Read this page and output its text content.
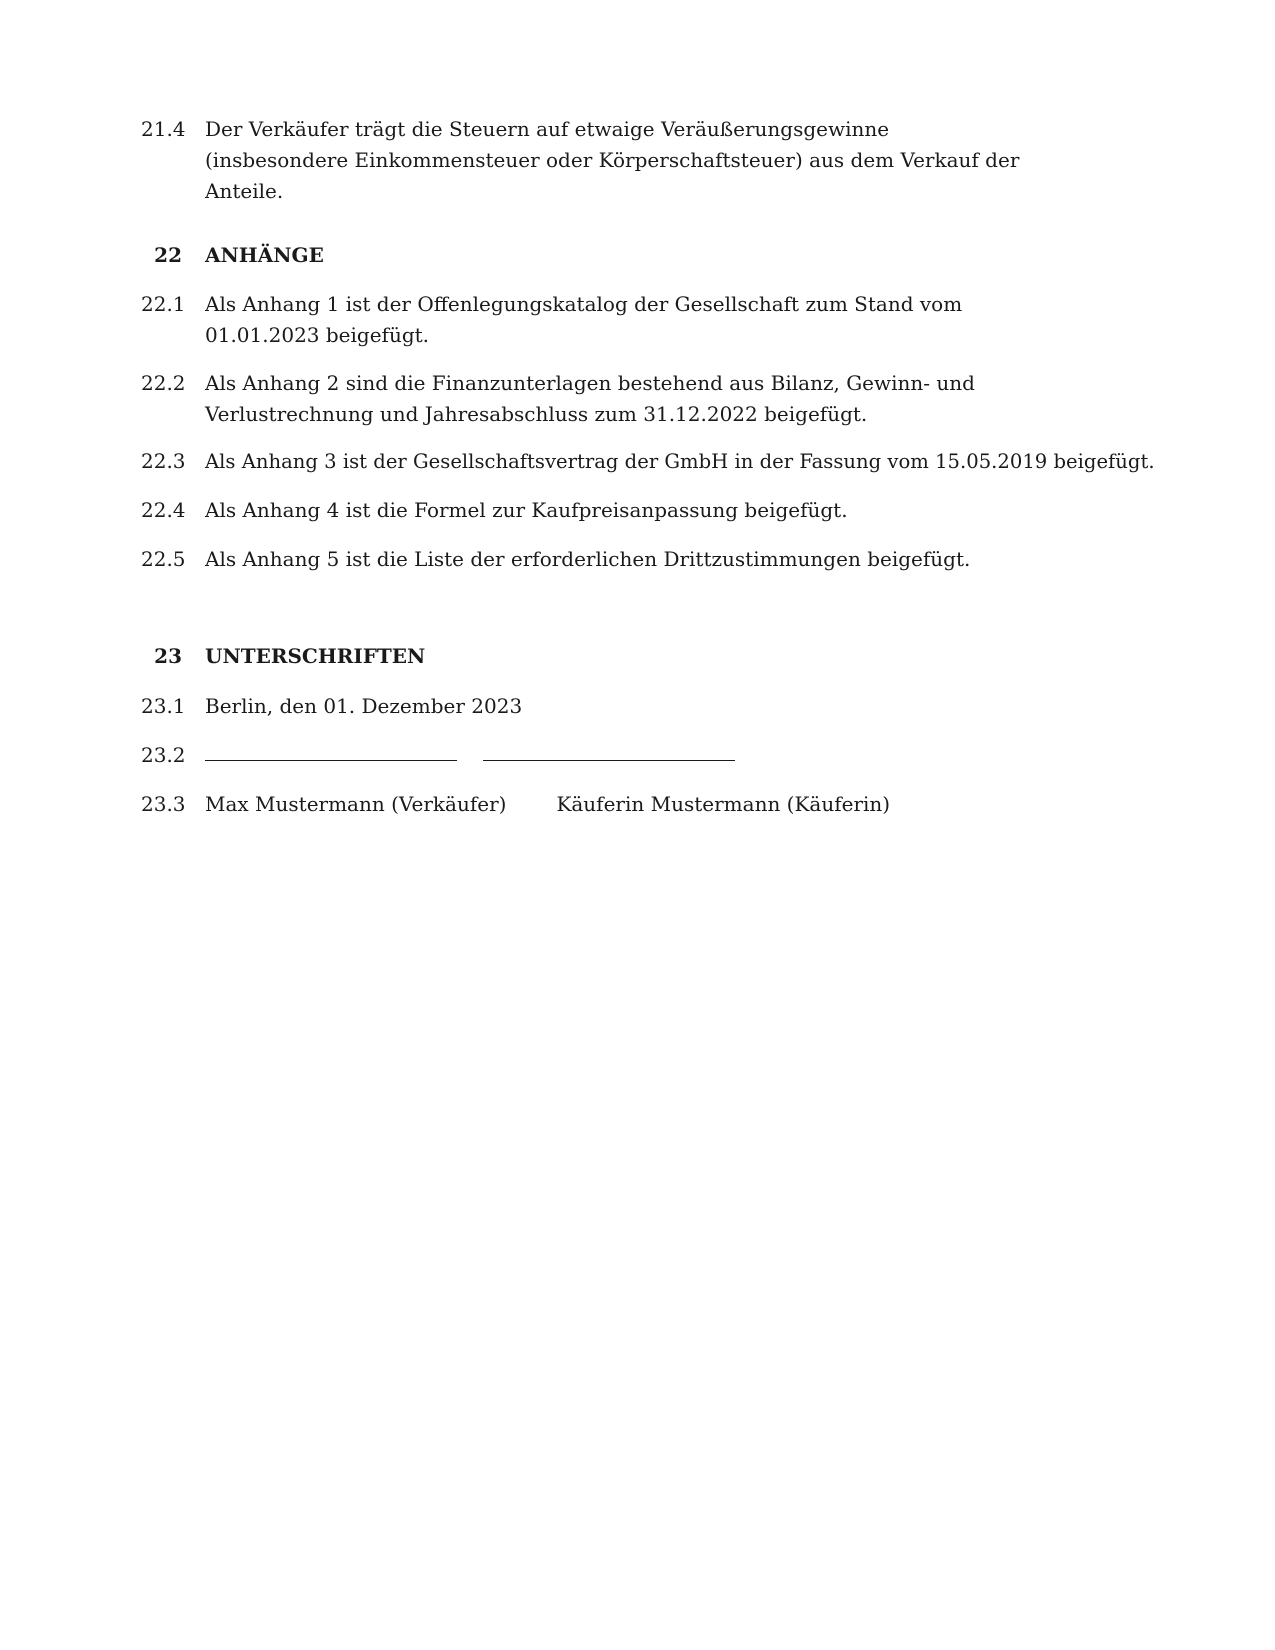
21.4 Der Verkäufer trägt die Steuern auf etwaige Veräußerungsgewinne (insbesondere Einkommensteuer oder Körperschaftsteuer) aus dem Verkauf der Anteile.
22	ANHÄNGE
22.1 Als Anhang 1 ist der Offenlegungskatalog der Gesellschaft zum Stand vom 01.01.2023 beigefügt.
22.2 Als Anhang 2 sind die Finanzunterlagen bestehend aus Bilanz, Gewinn- und Verlustrechnung und Jahresabschluss zum 31.12.2022 beigefügt.
22.3 Als Anhang 3 ist der Gesellschaftsvertrag der GmbH in der Fassung vom 15.05.2019 beigefügt.
22.4 Als Anhang 4 ist die Formel zur Kaufpreisanpassung beigefügt.
22.5 Als Anhang 5 ist die Liste der erforderlichen Drittzustimmungen beigefügt.
23	UNTERSCHRIFTEN
23.1 Berlin, den 01. Dezember 2023
23.2
23.3 Max Mustermann (Verkäufer)	Käuferin Mustermann (Käuferin)
